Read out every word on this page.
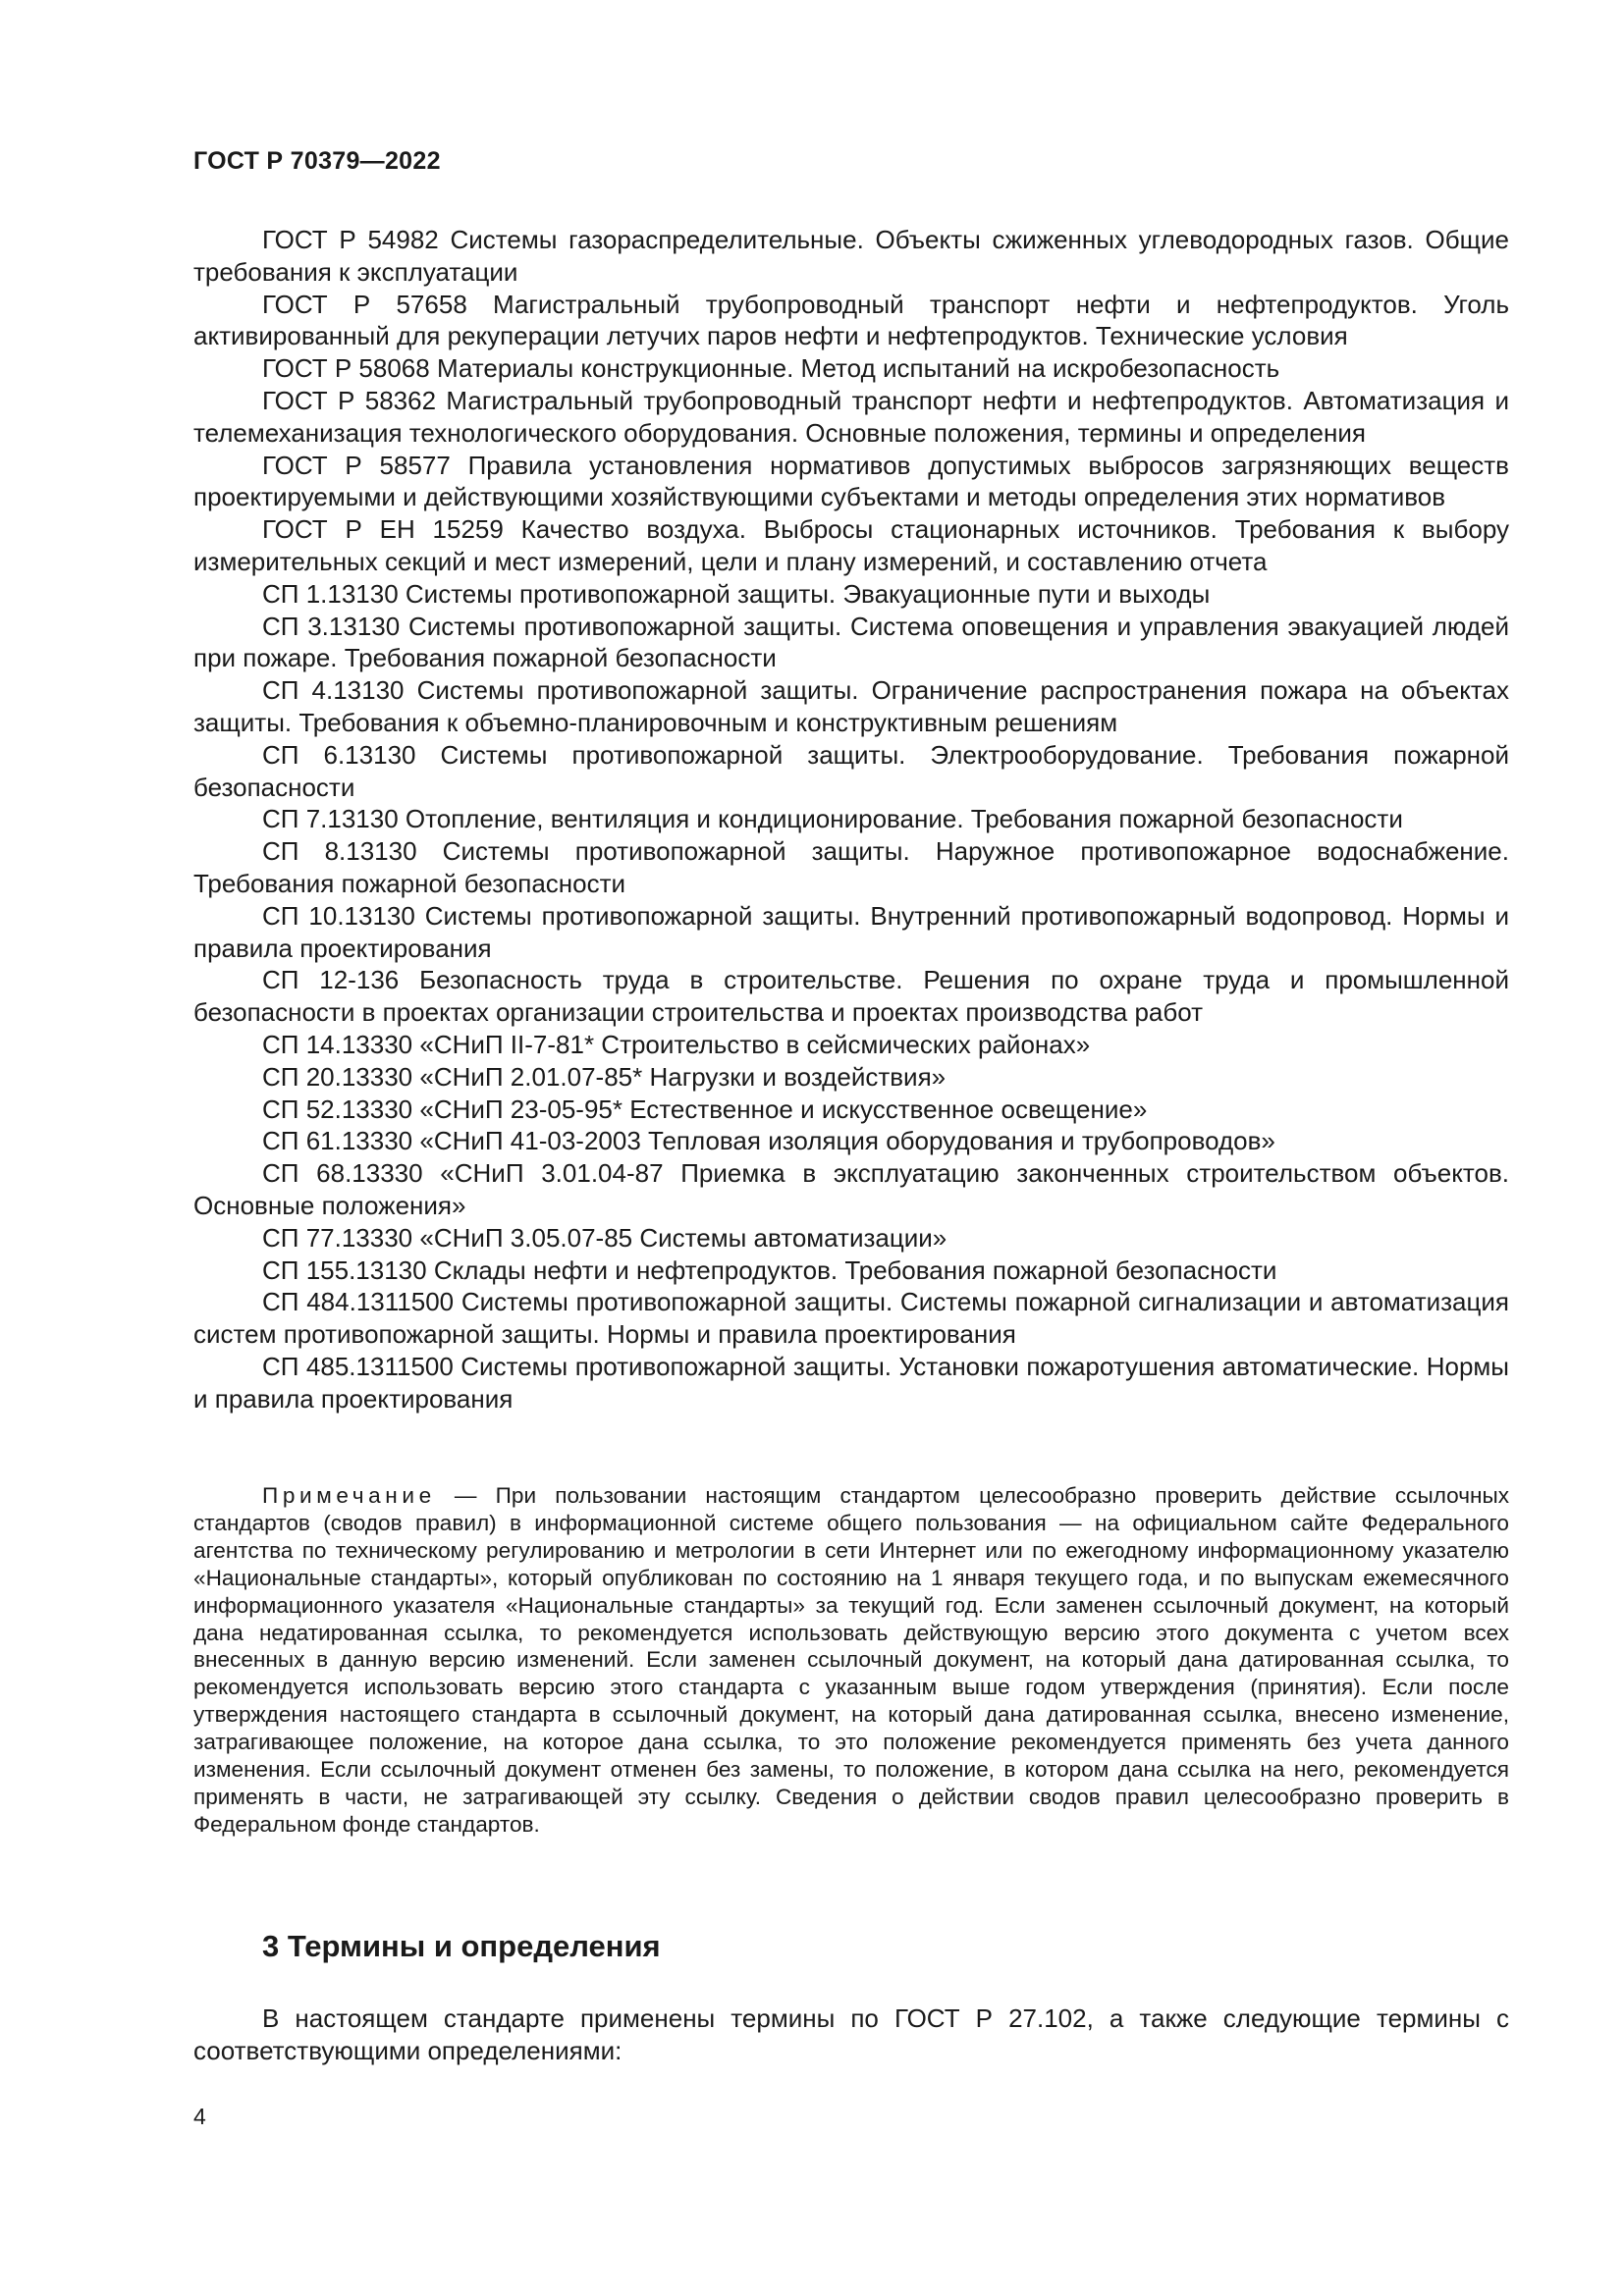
ГОСТ Р 70379—2022

ГОСТ Р 54982 Системы газораспределительные. Объекты сжиженных углеводородных газов. Общие требования к эксплуатации

ГОСТ Р 57658 Магистральный трубопроводный транспорт нефти и нефтепродуктов. Уголь активированный для рекуперации летучих паров нефти и нефтепродуктов. Технические условия

ГОСТ Р 58068 Материалы конструкционные. Метод испытаний на искробезопасность

ГОСТ Р 58362 Магистральный трубопроводный транспорт нефти и нефтепродуктов. Автоматизация и телемеханизация технологического оборудования. Основные положения, термины и определения

ГОСТ Р 58577 Правила установления нормативов допустимых выбросов загрязняющих веществ проектируемыми и действующими хозяйствующими субъектами и методы определения этих нормативов

ГОСТ Р ЕН 15259 Качество воздуха. Выбросы стационарных источников. Требования к выбору измерительных секций и мест измерений, цели и плану измерений, и составлению отчета

СП 1.13130 Системы противопожарной защиты. Эвакуационные пути и выходы

СП 3.13130 Системы противопожарной защиты. Система оповещения и управления эвакуацией людей при пожаре. Требования пожарной безопасности

СП 4.13130 Системы противопожарной защиты. Ограничение распространения пожара на объектах защиты. Требования к объемно-планировочным и конструктивным решениям

СП 6.13130 Системы противопожарной защиты. Электрооборудование. Требования пожарной безопасности

СП 7.13130 Отопление, вентиляция и кондиционирование. Требования пожарной безопасности

СП 8.13130 Системы противопожарной защиты. Наружное противопожарное водоснабжение. Требования пожарной безопасности

СП 10.13130 Системы противопожарной защиты. Внутренний противопожарный водопровод. Нормы и правила проектирования

СП 12-136 Безопасность труда в строительстве. Решения по охране труда и промышленной безопасности в проектах организации строительства и проектах производства работ

СП 14.13330 «СНиП II-7-81* Строительство в сейсмических районах»

СП 20.13330 «СНиП 2.01.07-85* Нагрузки и воздействия»

СП 52.13330 «СНиП 23-05-95* Естественное и искусственное освещение»

СП 61.13330 «СНиП 41-03-2003 Тепловая изоляция оборудования и трубопроводов»

СП 68.13330 «СНиП 3.01.04-87 Приемка в эксплуатацию законченных строительством объектов. Основные положения»

СП 77.13330 «СНиП 3.05.07-85 Системы автоматизации»

СП 155.13130 Склады нефти и нефтепродуктов. Требования пожарной безопасности

СП 484.1311500 Системы противопожарной защиты. Системы пожарной сигнализации и автоматизация систем противопожарной защиты. Нормы и правила проектирования

СП 485.1311500 Системы противопожарной защиты. Установки пожаротушения автоматические. Нормы и правила проектирования

Примечание — При пользовании настоящим стандартом целесообразно проверить действие ссылочных стандартов (сводов правил) в информационной системе общего пользования — на официальном сайте Федерального агентства по техническому регулированию и метрологии в сети Интернет или по ежегодному информационному указателю «Национальные стандарты», который опубликован по состоянию на 1 января текущего года, и по выпускам ежемесячного информационного указателя «Национальные стандарты» за текущий год. Если заменен ссылочный документ, на который дана недатированная ссылка, то рекомендуется использовать действующую версию этого документа с учетом всех внесенных в данную версию изменений. Если заменен ссылочный документ, на который дана датированная ссылка, то рекомендуется использовать версию этого стандарта с указанным выше годом утверждения (принятия). Если после утверждения настоящего стандарта в ссылочный документ, на который дана датированная ссылка, внесено изменение, затрагивающее положение, на которое дана ссылка, то это положение рекомендуется применять без учета данного изменения. Если ссылочный документ отменен без замены, то положение, в котором дана ссылка на него, рекомендуется применять в части, не затрагивающей эту ссылку. Сведения о действии сводов правил целесообразно проверить в Федеральном фонде стандартов.

3 Термины и определения

В настоящем стандарте применены термины по ГОСТ Р 27.102, а также следующие термины с соответствующими определениями:

4
